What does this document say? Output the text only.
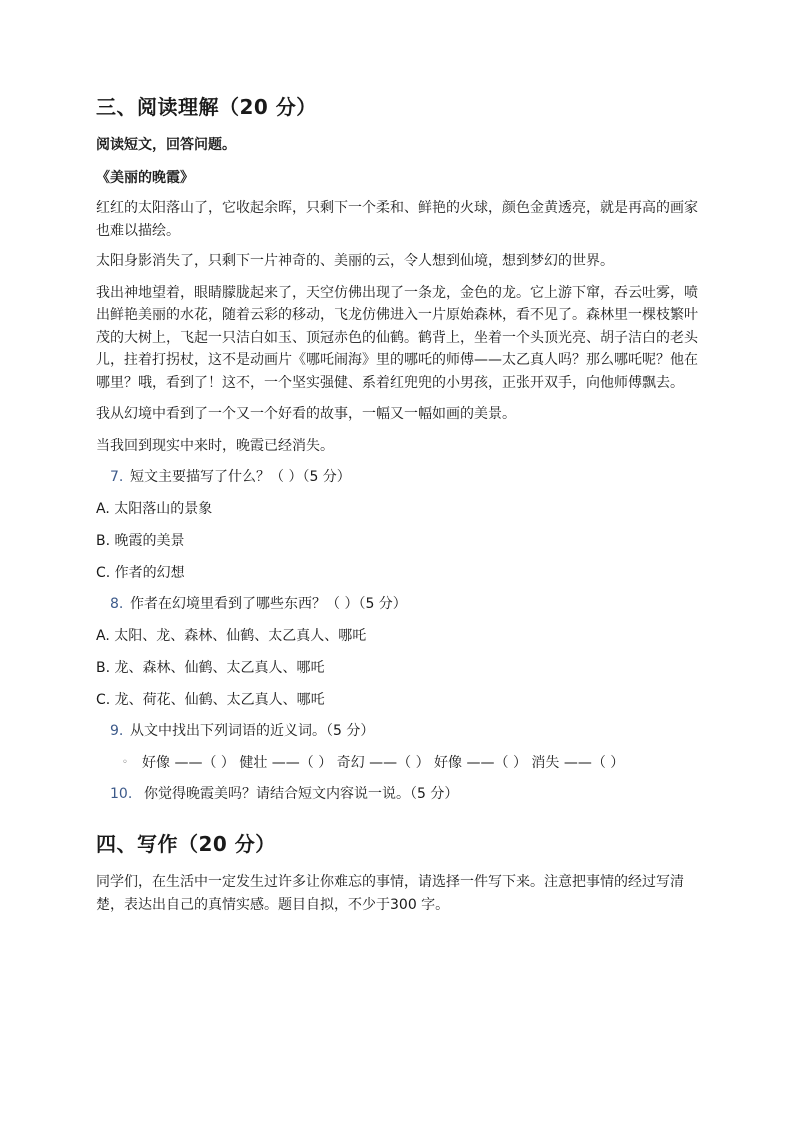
三、阅读理解（20 分）

阅读短文，回答问题。

《美丽的晚霞》

红红的太阳落山了，它收起余晖，只剩下一个柔和、鲜艳的火球，颜色金黄透亮，就是再高的画家也难以描绘。

太阳身影消失了，只剩下一片神奇的、美丽的云，令人想到仙境，想到梦幻的世界。

我出神地望着，眼睛朦胧起来了，天空仿佛出现了一条龙，金色的龙。它上游下窜，吞云吐雾，喷出鲜艳美丽的水花，随着云彩的移动，飞龙仿佛进入一片原始森林，看不见了。森林里一棵枝繁叶茂的大树上，飞起一只洁白如玉、顶冠赤色的仙鹤。鹤背上，坐着一个头顶光亮、胡子洁白的老头儿，拄着打拐杖，这不是动画片《哪吒闹海》里的哪吒的师傅——太乙真人吗？那么哪吒呢？他在哪里？哦，看到了！这不，一个坚实强健、系着红兜兜的小男孩，正张开双手，向他师傅飘去。

我从幻境中看到了一个又一个好看的故事，一幅又一幅如画的美景。

当我回到现实中来时，晚霞已经消失。

7. 短文主要描写了什么？（ ）（5 分）

A. 太阳落山的景象

B. 晚霞的美景

C. 作者的幻想

8. 作者在幻境里看到了哪些东西？（ ）（5 分）

A. 太阳、龙、森林、仙鹤、太乙真人、哪吒

B. 龙、森林、仙鹤、太乙真人、哪吒

C. 龙、荷花、仙鹤、太乙真人、哪吒

9. 从文中找出下列词语的近义词。（5 分）

◦ 好像 ——（ ） 健壮 ——（ ） 奇幻 ——（ ） 好像 ——（ ） 消失 ——（ ）

10. 你觉得晚霞美吗？请结合短文内容说一说。（5 分）

四、写作（20 分）

同学们，在生活中一定发生过许多让你难忘的事情，请选择一件写下来。注意把事情的经过写清楚，表达出自己的真情实感。题目自拟，不少于300 字。
